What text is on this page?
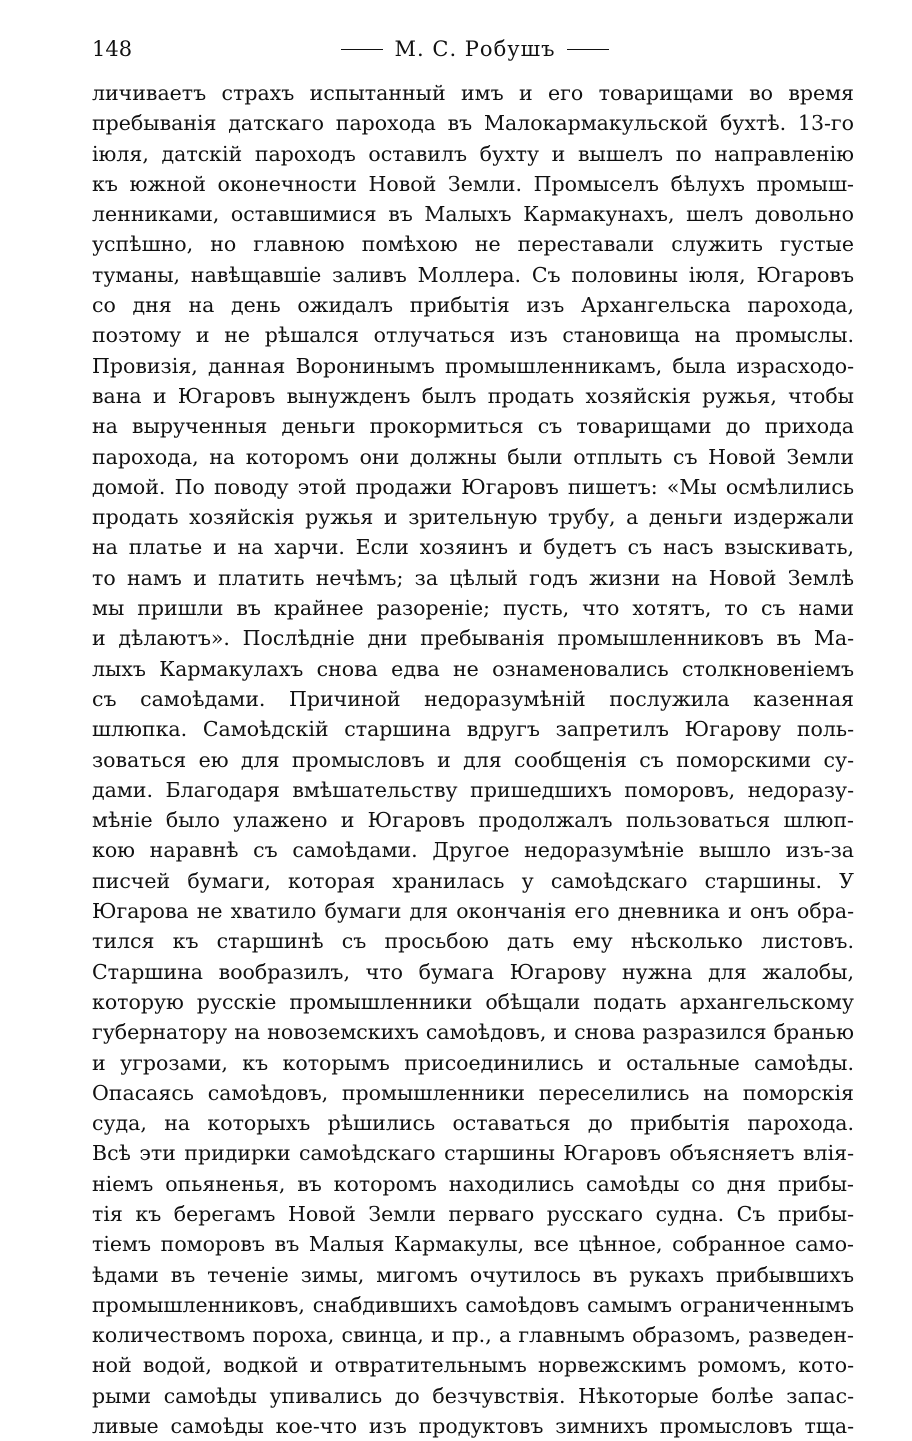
148	М. С. Робушъ
личиваетъ страхъ испытанный имъ и его товарищами во время
пребыванія датскаго парохода въ Малокармакульской бухтѣ. 13-го
іюля, датскій пароходъ оставилъ бухту и вышелъ по направленію
къ южной оконечности Новой Земли. Промыселъ бѣлухъ промыш-
ленниками, оставшимися въ Малыхъ Кармакунахъ, шелъ довольно
успѣшно, но главною помѣхою не переставали служить густые
туманы, навѣщавшіе заливъ Моллера. Съ половины іюля, Югаровъ
со дня на день ожидалъ прибытія изъ Архангельска парохода,
поэтому и не рѣшался отлучаться изъ становища на промыслы.
Провизія, данная Воронинымъ промышленникамъ, была израсходо-
вана и Югаровъ вынужденъ былъ продать хозяйскія ружья, чтобы
на вырученныя деньги прокормиться съ товарищами до прихода
парохода, на которомъ они должны были отплыть съ Новой Земли
домой. По поводу этой продажи Югаровъ пишетъ: «Мы осмѣлились
продать хозяйскія ружья и зрительную трубу, а деньги издержали
на платье и на харчи. Если хозяинъ и будетъ съ насъ взыскивать,
то намъ и платить нечѣмъ; за цѣлый годъ жизни на Новой Землѣ
мы пришли въ крайнее разореніе; пусть, что хотятъ, то съ нами
и дѣлаютъ». Послѣдніе дни пребыванія промышленниковъ въ Ма-
лыхъ Кармакулахъ снова едва не ознаменовались столкновеніемъ
съ самоѣдами. Причиной недоразумѣній послужила казенная
шлюпка. Самоѣдскій старшина вдругъ запретилъ Югарову поль-
зоваться ею для промысловъ и для сообщенія съ поморскими су-
дами. Благодаря вмѣшательству пришедшихъ поморовъ, недоразу-
мѣніе было улажено и Югаровъ продолжалъ пользоваться шлюп-
кою наравнѣ съ самоѣдами. Другое недоразумѣніе вышло изъ-за
писчей бумаги, которая хранилась у самоѣдскаго старшины. У
Югарова не хватило бумаги для окончанія его дневника и онъ обра-
тился къ старшинѣ съ просьбою дать ему нѣсколько листовъ.
Старшина вообразилъ, что бумага Югарову нужна для жалобы,
которую русскіе промышленники обѣщали подать архангельскому
губернатору на новоземскихъ самоѣдовъ, и снова разразился бранью
и угрозами, къ которымъ присоединились и остальные самоѣды.
Опасаясь самоѣдовъ, промышленники переселились на поморскія
суда, на которыхъ рѣшились оставаться до прибытія парохода.
Всѣ эти придирки самоѣдскаго старшины Югаровъ объясняетъ влія-
ніемъ опьяненья, въ которомъ находились самоѣды со дня прибы-
тія къ берегамъ Новой Земли перваго русскаго судна. Съ прибы-
тіемъ поморовъ въ Малыя Кармакулы, все цѣнное, собранное само-
ѣдами въ теченіе зимы, мигомъ очутилось въ рукахъ прибывшихъ
промышленниковъ, снабдившихъ самоѣдовъ самымъ ограниченнымъ
количествомъ пороха, свинца, и пр., а главнымъ образомъ, разведен-
ной водой, водкой и отвратительнымъ норвежскимъ ромомъ, кото-
рыми самоѣды упивались до безчувствія. Нѣкоторые болѣе запас-
ливые самоѣды кое-что изъ продуктовъ зимнихъ промысловъ тща-
